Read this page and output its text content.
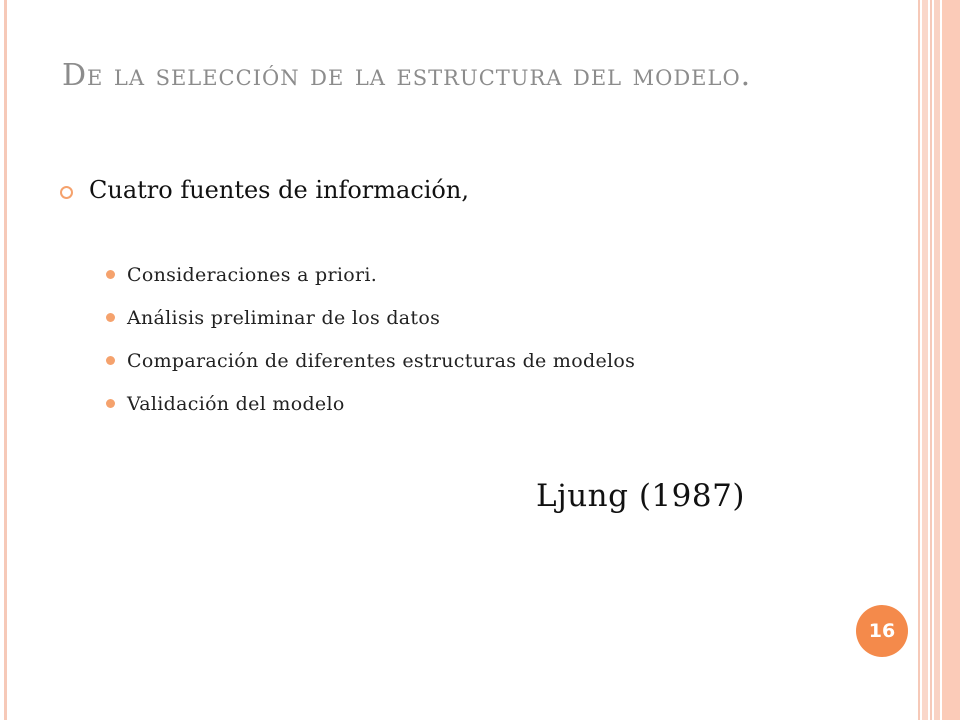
De la selección de la estructura del modelo.
Cuatro fuentes de información,
Consideraciones a priori.
Análisis preliminar de los datos
Comparación de diferentes estructuras de modelos
Validación del modelo
Ljung (1987)
16
